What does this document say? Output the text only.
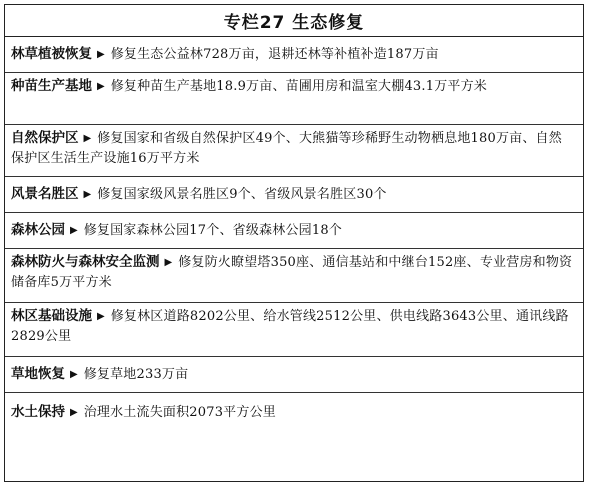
专栏27 生态修复
林草植被恢复 ▶ 修复生态公益林728万亩，退耕还林等补植补造187万亩
种苗生产基地 ▶ 修复种苗生产基地18.9万亩、苗圃用房和温室大棚43.1万平方米
自然保护区 ▶ 修复国家和省级自然保护区49个、大熊猫等珍稀野生动物栖息地180万亩、自然保护区生活生产设施16万平方米
风景名胜区 ▶ 修复国家级风景名胜区9个、省级风景名胜区30个
森林公园 ▶ 修复国家森林公园17个、省级森林公园18个
森林防火与森林安全监测 ▶ 修复防火瞭望塔350座、通信基站和中继台152座、专业营房和物资储备库5万平方米
林区基础设施 ▶ 修复林区道路8202公里、给水管线2512公里、供电线路3643公里、通讯线路2829公里
草地恢复 ▶ 修复草地233万亩
水土保持 ▶ 治理水土流失面积2073平方公里
